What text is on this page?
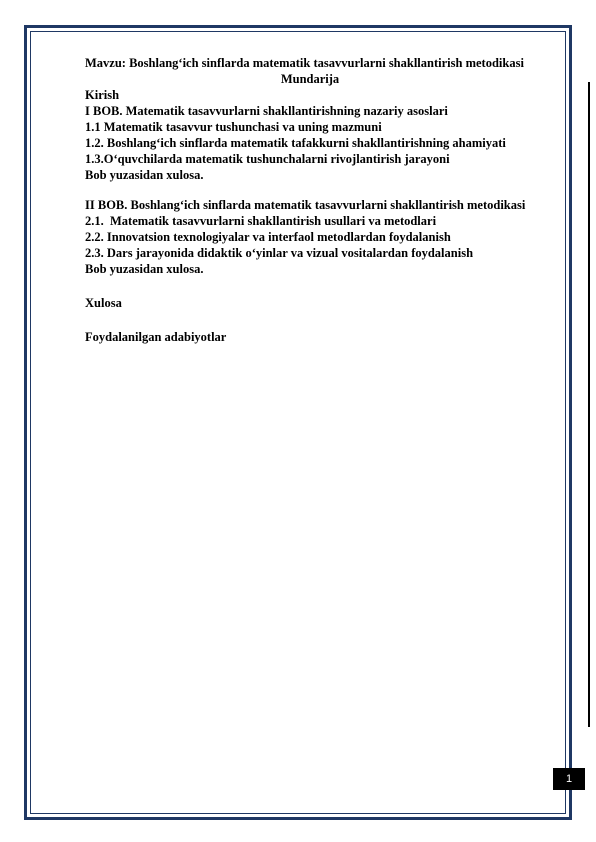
Mavzu: Boshlang‘ich sinflarda matematik tasavvurlarni shakllantirish metodikasi

Mundarija

Kirish

I BOB. Matematik tasavvurlarni shakllantirishning nazariy asoslari

1.1 Matematik tasavvur tushunchasi va uning mazmuni

1.2. Boshlang‘ich sinflarda matematik tafakkurni shakllantirishning ahamiyati

1.3.O‘quvchilarda matematik tushunchalarni rivojlantirish jarayoni

Bob yuzasidan xulosa.

II BOB. Boshlang‘ich sinflarda matematik tasavvurlarni shakllantirish metodikasi

2.1.  Matematik tasavvurlarni shakllantirish usullari va metodlari

2.2. Innovatsion texnologiyalar va interfaol metodlardan foydalanish

2.3. Dars jarayonida didaktik o‘yinlar va vizual vositalardan foydalanish

Bob yuzasidan xulosa.

Xulosa

Foydalanilgan adabiyotlar

1
